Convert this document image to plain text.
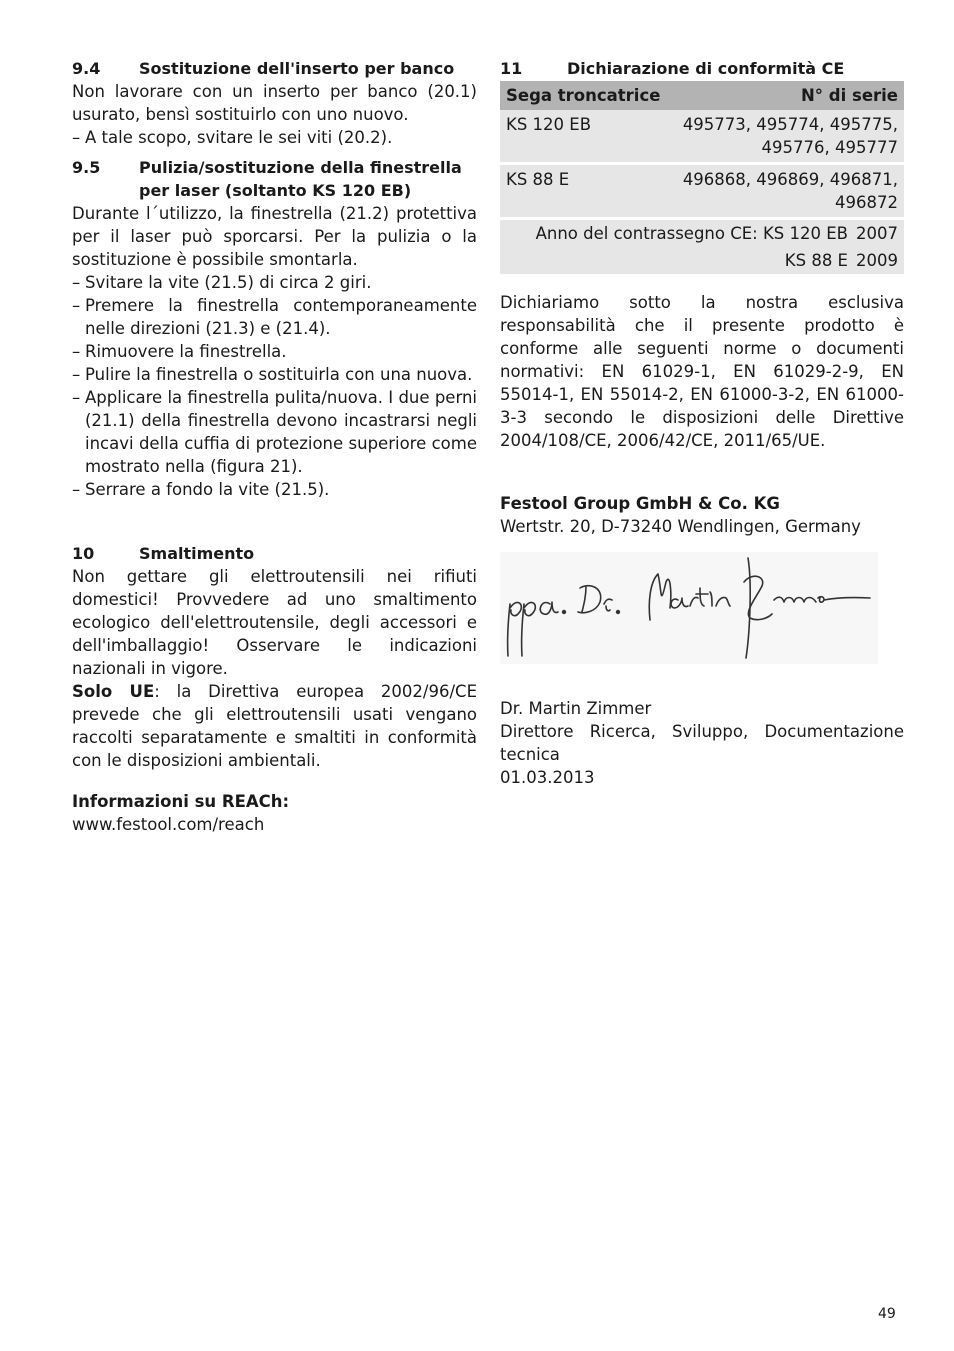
9.4	Sostituzione dell'inserto per banco

Non lavorare con un inserto per banco (20.1) usurato, bensì sostituirlo con uno nuovo.

– A tale scopo, svitare le sei viti (20.2).
9.5	Pulizia/sostituzione della finestrella per laser (soltanto KS 120 EB)

Durante l´utilizzo, la finestrella (21.2) protettiva per il laser può sporcarsi. Per la pulizia o la sostituzione è possibile smontarla.

– Svitare la vite (21.5) di circa 2 giri.
– Premere la finestrella contemporaneamente nelle direzioni (21.3) e (21.4).
– Rimuovere la finestrella.
– Pulire la finestrella o sostituirla con una nuova.
– Applicare la finestrella pulita/nuova. I due perni (21.1) della finestrella devono incastrarsi negli incavi della cuffia di protezione superiore come mostrato nella (figura 21).
– Serrare a fondo la vite (21.5).
10	Smaltimento

Non gettare gli elettroutensili nei rifiuti domestici! Provvedere ad uno smaltimento ecologico dell'elettroutensile, degli accessori e dell'imballaggio! Osservare le indicazioni nazionali in vigore.

Solo UE: la Direttiva europea 2002/96/CE prevede che gli elettroutensili usati vengano raccolti separatamente e smaltiti in conformità con le disposizioni ambientali.

Informazioni su REACh:
www.festool.com/reach
11	Dichiarazione di conformità CE
Sega troncatrice	N° di serie
KS 120 EB	495773, 495774, 495775,
495776, 495777

KS 88 E	496868, 496869, 496871,
496872

Anno del contrassegno CE: KS 120 EB 2007	
KS 88 E 2009	

Dichiariamo sotto la nostra esclusiva responsabilità che il presente prodotto è conforme alle seguenti norme o documenti normativi: EN 61029-1, EN 61029-2-9, EN 55014-1, EN 55014-2, EN 61000-3-2, EN 61000-3-3 secondo le disposizioni delle Direttive 2004/108/CE, 2006/42/CE, 2011/65/UE.

Festool Group GmbH & Co. KG
Wertstr. 20, D-73240 Wendlingen, Germany
Dr. Martin Zimmer

Direttore Ricerca, Sviluppo, Documentazione tecnica

01.03.2013
49
